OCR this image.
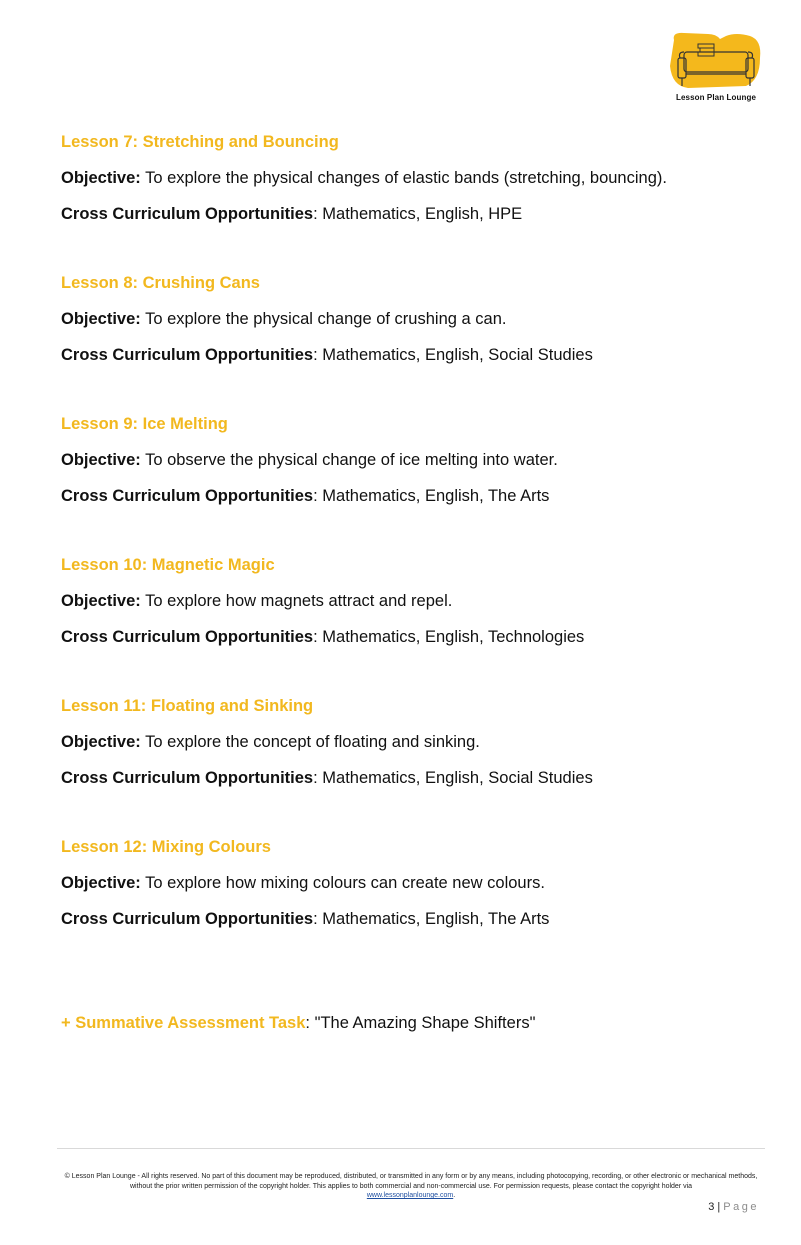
Lesson Plan Lounge
Lesson 7: Stretching and Bouncing
Objective: To explore the physical changes of elastic bands (stretching, bouncing).
Cross Curriculum Opportunities: Mathematics, English, HPE
Lesson 8: Crushing Cans
Objective: To explore the physical change of crushing a can.
Cross Curriculum Opportunities: Mathematics, English, Social Studies
Lesson 9: Ice Melting
Objective: To observe the physical change of ice melting into water.
Cross Curriculum Opportunities: Mathematics, English, The Arts
Lesson 10: Magnetic Magic
Objective: To explore how magnets attract and repel.
Cross Curriculum Opportunities: Mathematics, English, Technologies
Lesson 11: Floating and Sinking
Objective: To explore the concept of floating and sinking.
Cross Curriculum Opportunities: Mathematics, English, Social Studies
Lesson 12: Mixing Colours
Objective: To explore how mixing colours can create new colours.
Cross Curriculum Opportunities: Mathematics, English, The Arts
+ Summative Assessment Task: "The Amazing Shape Shifters"
© Lesson Plan Lounge - All rights reserved. No part of this document may be reproduced, distributed, or transmitted in any form or by any means, including photocopying, recording, or other electronic or mechanical methods, without the prior written permission of the copyright holder. This applies to both commercial and non-commercial use. For permission requests, please contact the copyright holder via
www.lessonplanlounge.com.
3 | Page
